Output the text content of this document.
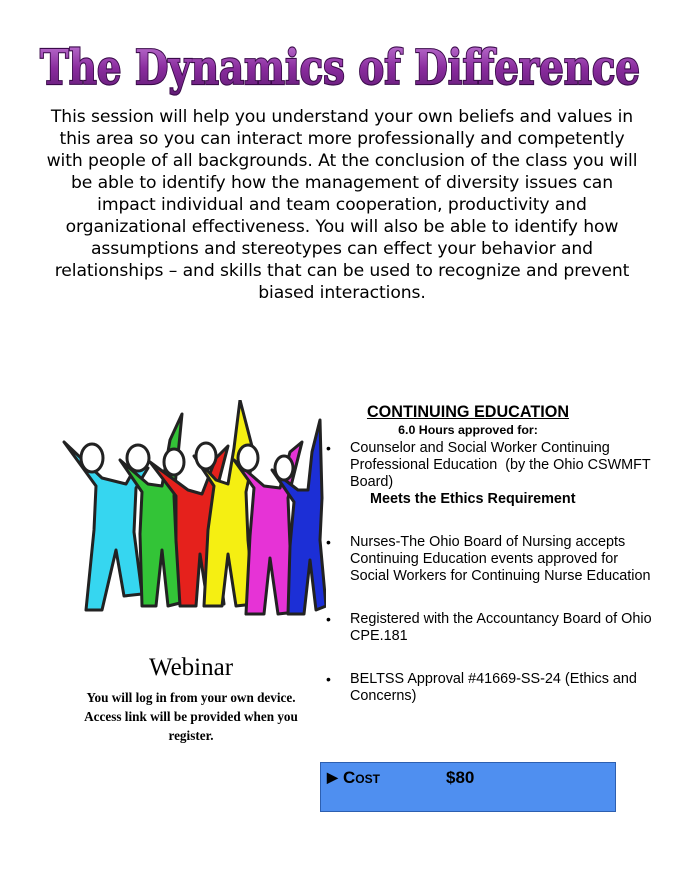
The Dynamics of Difference
This session will help you understand your own beliefs and values in this area so you can interact more professionally and competently with people of all backgrounds. At the conclusion of the class you will be able to identify how the management of diversity issues can impact individual and team cooperation, productivity and organizational effectiveness. You will also be able to identify how assumptions and stereotypes can effect your behavior and relationships – and skills that can be used to recognize and prevent biased interactions.
Webinar
You will log in from your own device.
Access link will be provided when you register.
CONTINUING EDUCATION
6.0 Hours approved for:
• Counselor and Social Worker Continuing Professional Education  (by the Ohio CSWMFT Board)
Meets the Ethics Requirement
• Nurses-The Ohio Board of Nursing accepts Continuing Education events approved for  Social Workers for Continuing Nurse Education
• Registered with the Accountancy Board of Ohio CPE.181
• BELTSS Approval #41669-SS-24 (Ethics and Concerns)
▶ Cost	$80
